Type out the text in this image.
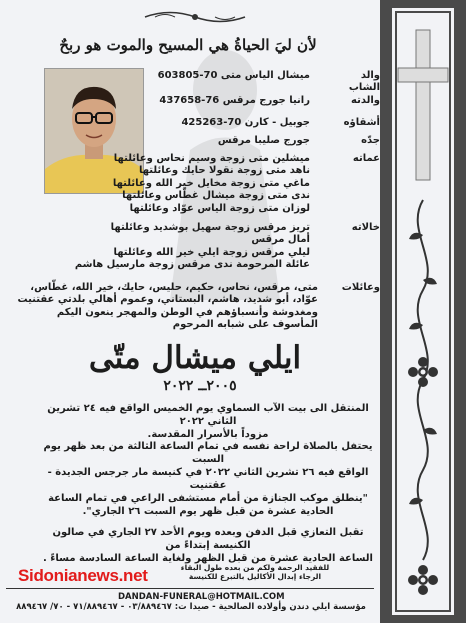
لأن ليَ الحياةُ هي المسيح والموت هو ربحٌ
والد الشاب
ميشال الياس متى 70-603805
والدته
رانيا جورج مرقس 76-437658
أشقاؤه
جوبيل - كارن 70-425263
جدّه
جورج صليبا مرقس
عماته
ميشلين متى زوجة وسيم نحاس وعائلتها
ناهد متى زوجة نقولا حايك وعائلتها
ماغي متى زوجة مخايل خير الله وعائلتها
ندى متى زوجة ميشال غطّاس وعائلتها
لوزان متى زوجة الياس عوّاد وعائلتها
خالاته
تريز مرقس زوجة سهيل بوشديد وعائلتها
أمال مرقس
ليلي مرقس زوجة ايلي خير الله وعائلتها
عائلة المرحومة ندى مرقس زوجة مارسيل هاشم
وعائلات
متى، مرقس، نحاس، حكيم، حليس، حايك، خير الله، غطّاس، عوّاد، أبو شديد، هاشم، البستاني، وعموم أهالي بلدتي عقتنيت ومغدوشة وأنسباؤهم في الوطن والمهجر ينعون اليكم المأسوف على شبابه المرحوم
ايلي ميشال متّى
٢٠٠٥ــ ٢٠٢٢
المنتقل الى بيت الآب السماوي يوم الخميس الواقع فيه ٢٤ تشرين الثاني ٢٠٢٢
مزوداً بالأسرار المقدسة.
يحتفل بالصلاة لراحة نفسه في تمام الساعة الثالثة من بعد ظهر يوم السبت
الواقع فيه ٢٦ تشرين الثاني ٢٠٢٢ في كنيسة مار جرجس الجديدة - عقتنيت
"ينطلق موكب الجنازة من أمام مستشفى الراعي في تمام الساعة
الحادية عشرة من قبل ظهر يوم السبت ٢٦ الجاري".
تقبل التعازي قبل الدفن وبعده ويوم الأحد ٢٧ الجاري في صالون الكنيسة إبتداءً من
الساعة الحادية عشرة من قبل الظهر ولغاية الساعة السادسة مساءً .
Sidonianews.net	للفقيد الرحمة ولكم من بعده طول البقاء
الرجاء إبدال الأكاليل بالتبرع للكنيسة
DANDAN-FUNERAL@HOTMAIL.COM
مؤسسة ايلي دندن وأولاده الصالحية - صيدا ت: ٠٣/٨٨٩٤٦٧ - ٧١/٨٨٩٤٦٧ - ٧٠/ ٨٨٩٤٦٧
